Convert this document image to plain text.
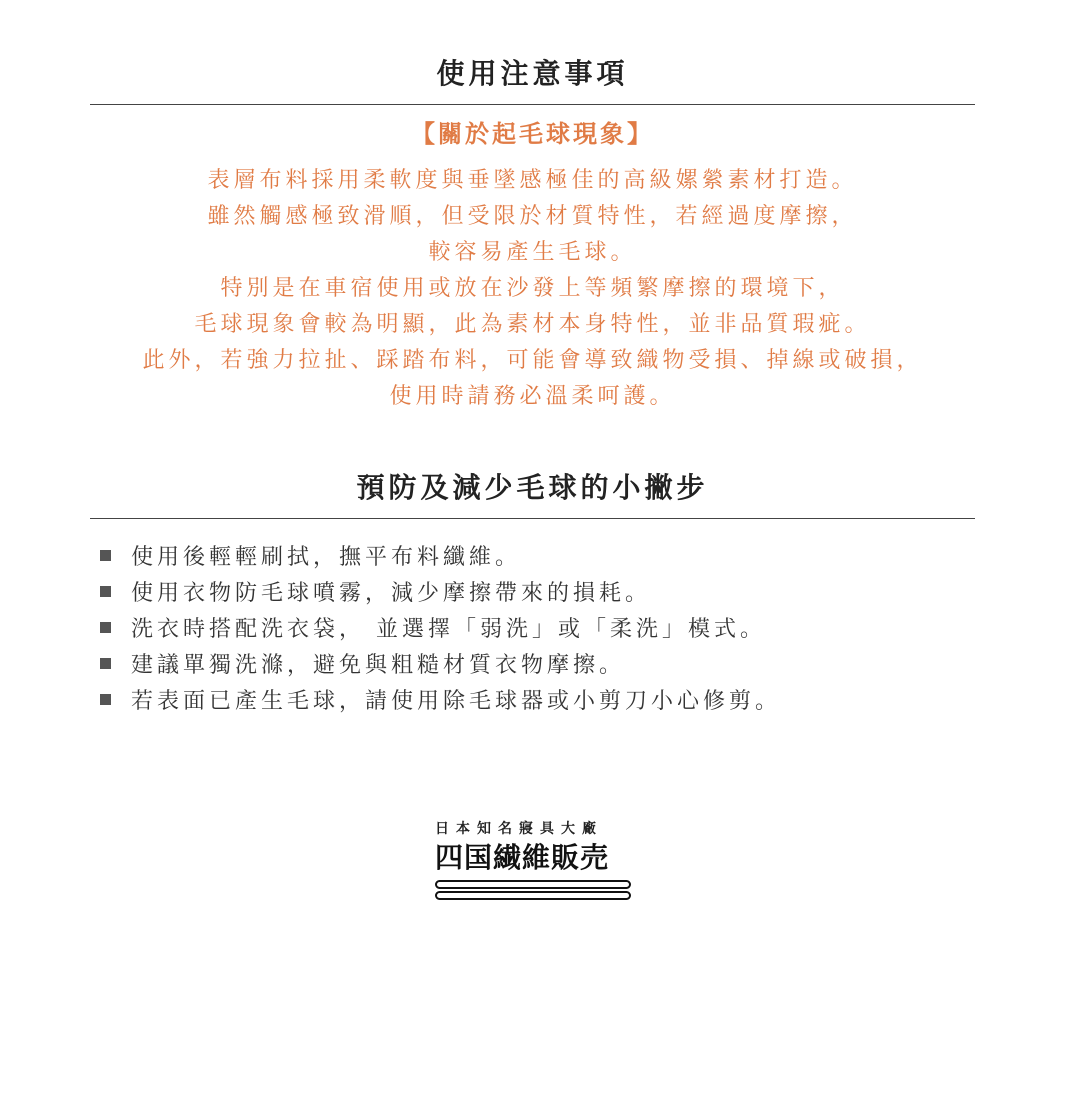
使用注意事項
【關於起毛球現象】
表層布料採用柔軟度與垂墜感極佳的高級嫘縈素材打造。
雖然觸感極致滑順，但受限於材質特性，若經過度摩擦，
較容易產生毛球。
特別是在車宿使用或放在沙發上等頻繁摩擦的環境下，
毛球現象會較為明顯，此為素材本身特性，並非品質瑕疵。
此外，若強力拉扯、踩踏布料，可能會導致織物受損、掉線或破損，
使用時請務必溫柔呵護。
預防及減少毛球的小撇步
使用後輕輕刷拭，撫平布料纖維。
使用衣物防毛球噴霧，減少摩擦帶來的損耗。
洗衣時搭配洗衣袋， 並選擇「弱洗」或「柔洗」模式。
建議單獨洗滌，避免與粗糙材質衣物摩擦。
若表面已產生毛球，請使用除毛球器或小剪刀小心修剪。
日本知名寢具大廠
四国繊維販売
